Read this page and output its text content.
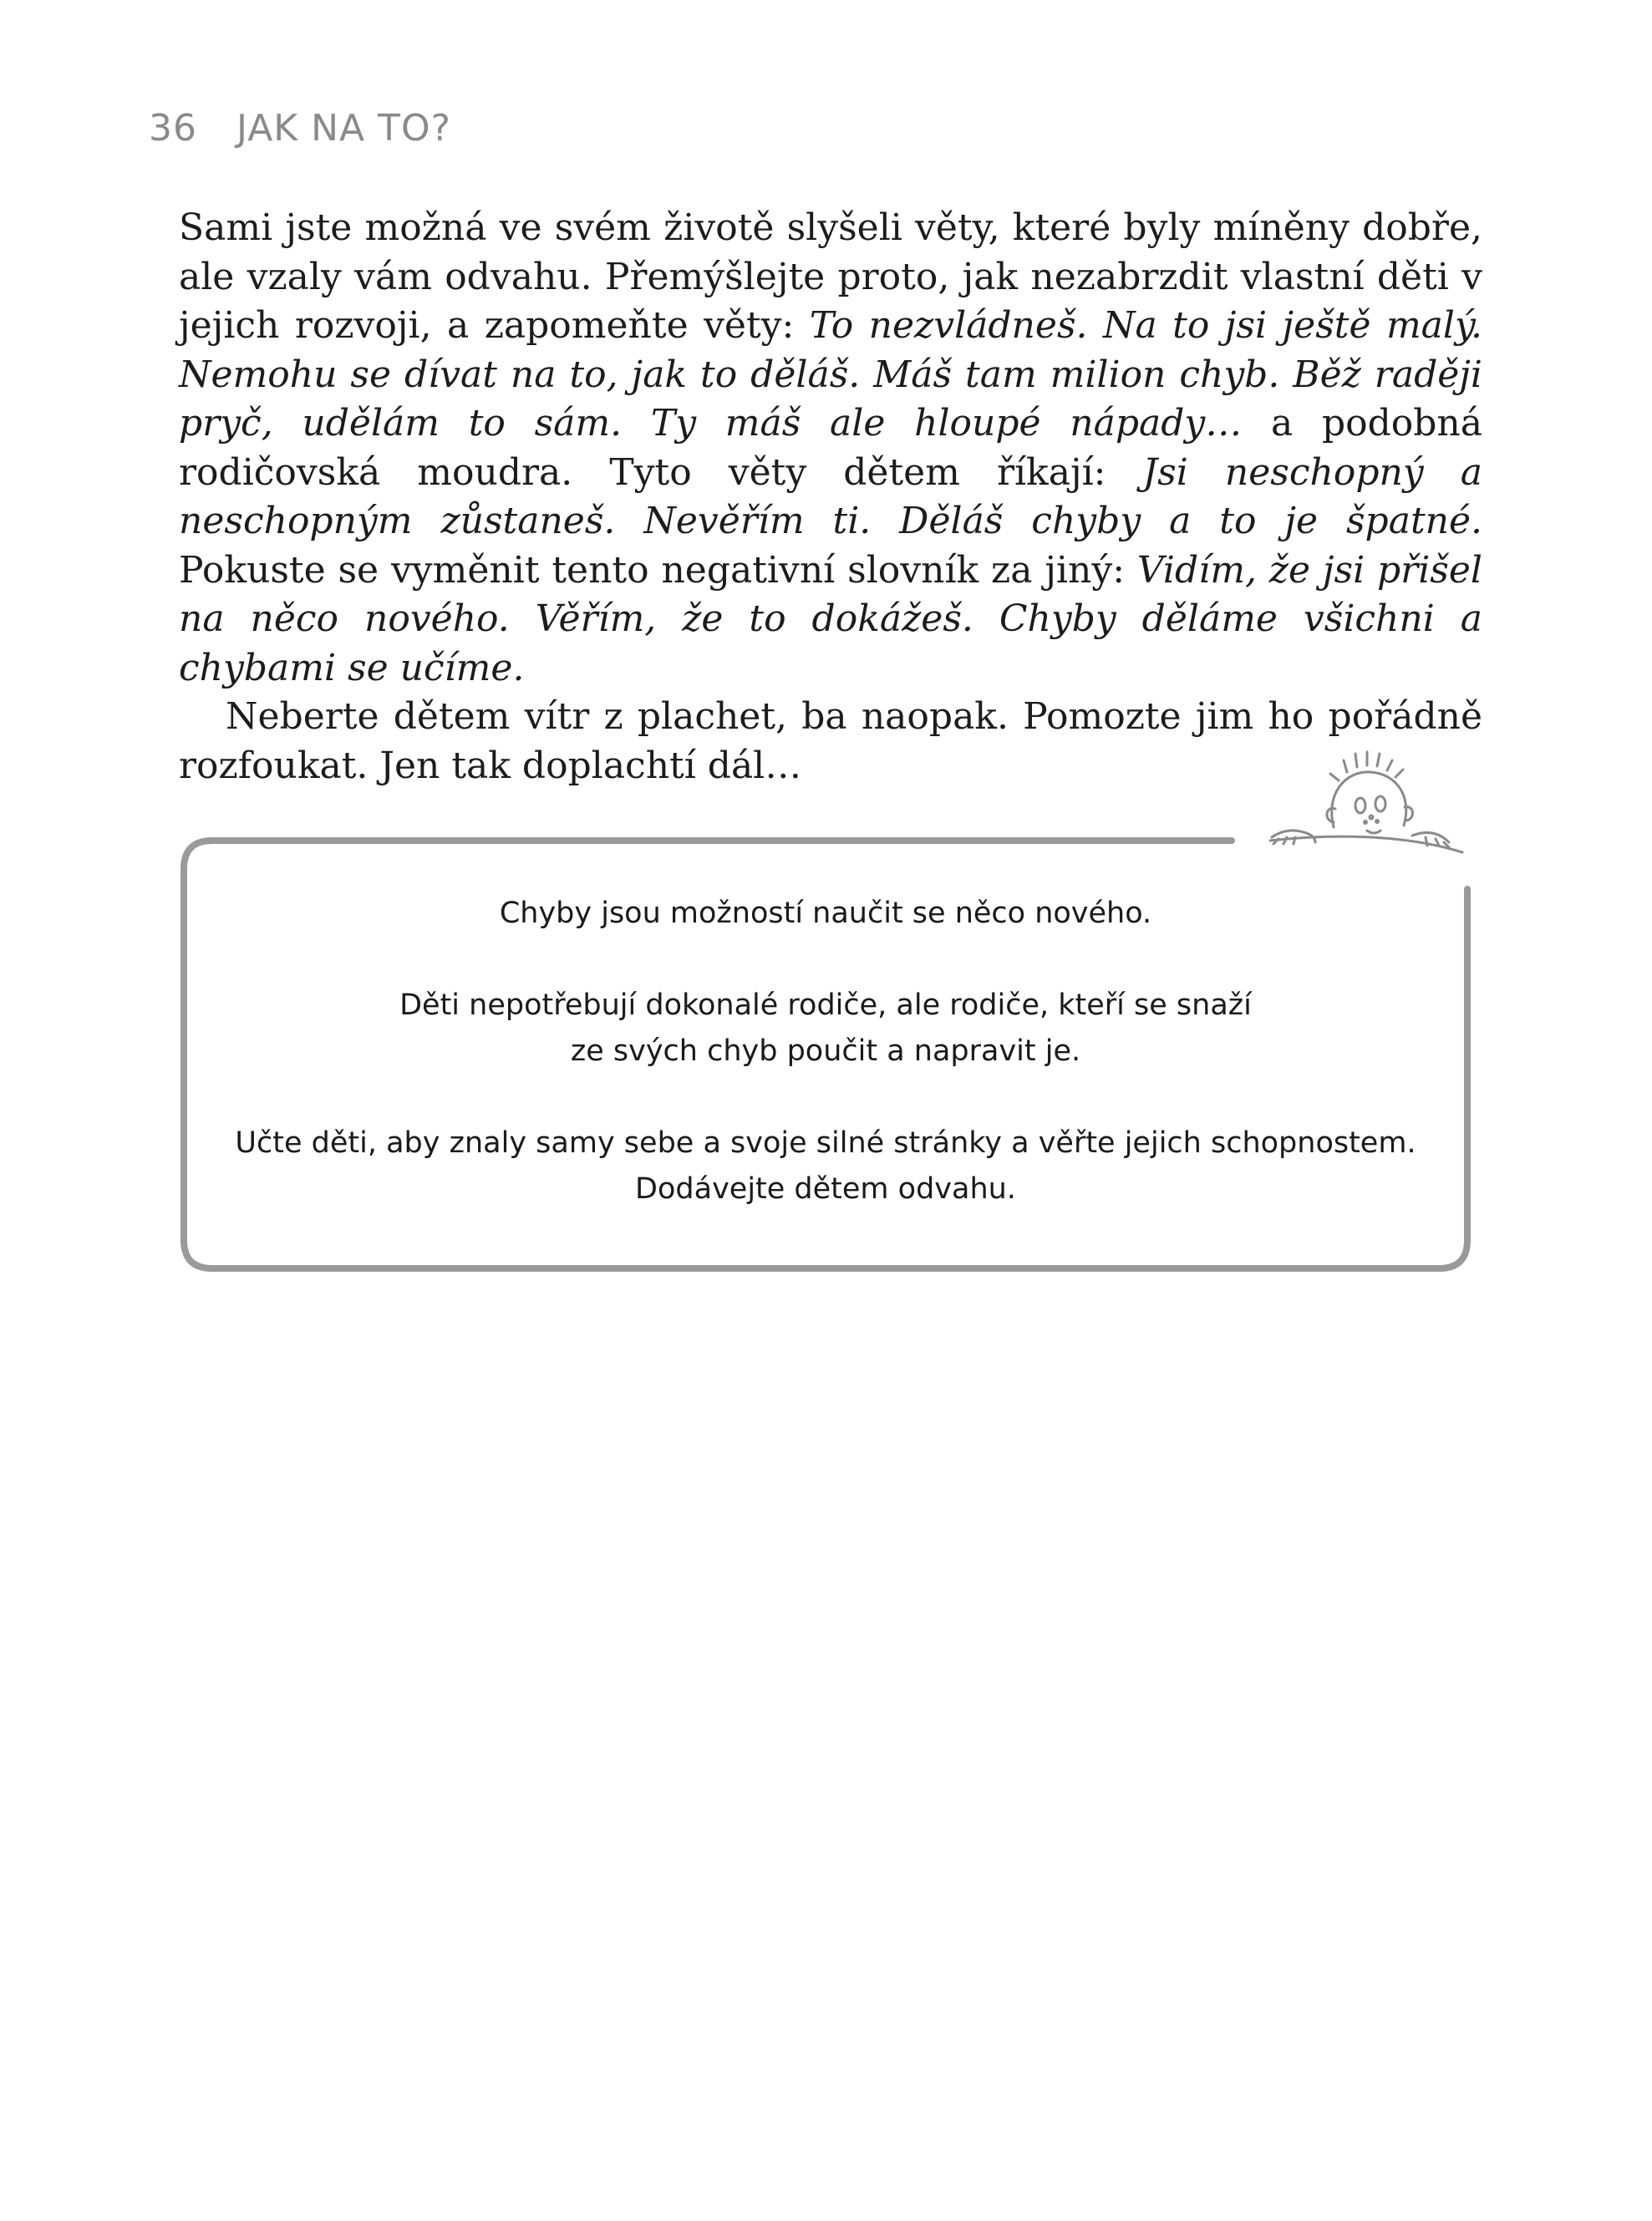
36 JAK NA TO?

Sami jste možná ve svém životě slyšeli věty, které byly míněny dobře, ale vzaly vám odvahu. Přemýšlejte proto, jak nezabrzdit vlastní děti v jejich rozvoji, a zapomeňte věty: To nezvládneš. Na to jsi ještě malý. Nemohu se dívat na to, jak to děláš. Máš tam milion chyb. Běž raději pryč, udělám to sám. Ty máš ale hloupé nápady… a podobná rodičovská moudra. Tyto věty dětem říkají: Jsi neschopný a neschopným zůstaneš. Nevěřím ti. Děláš chyby a to je špatné. Pokuste se vyměnit tento negativní slovník za jiný: Vidím, že jsi přišel na něco nového. Věřím, že to dokážeš. Chyby děláme všichni a chybami se učíme.

Neberte dětem vítr z plachet, ba naopak. Pomozte jim ho pořádně rozfoukat. Jen tak doplachtí dál…

Chyby jsou možností naučit se něco nového.

Děti nepotřebují dokonalé rodiče, ale rodiče, kteří se snaží
ze svých chyb poučit a napravit je.

Učte děti, aby znaly samy sebe a svoje silné stránky a věřte jejich schopnostem.
Dodávejte dětem odvahu.
